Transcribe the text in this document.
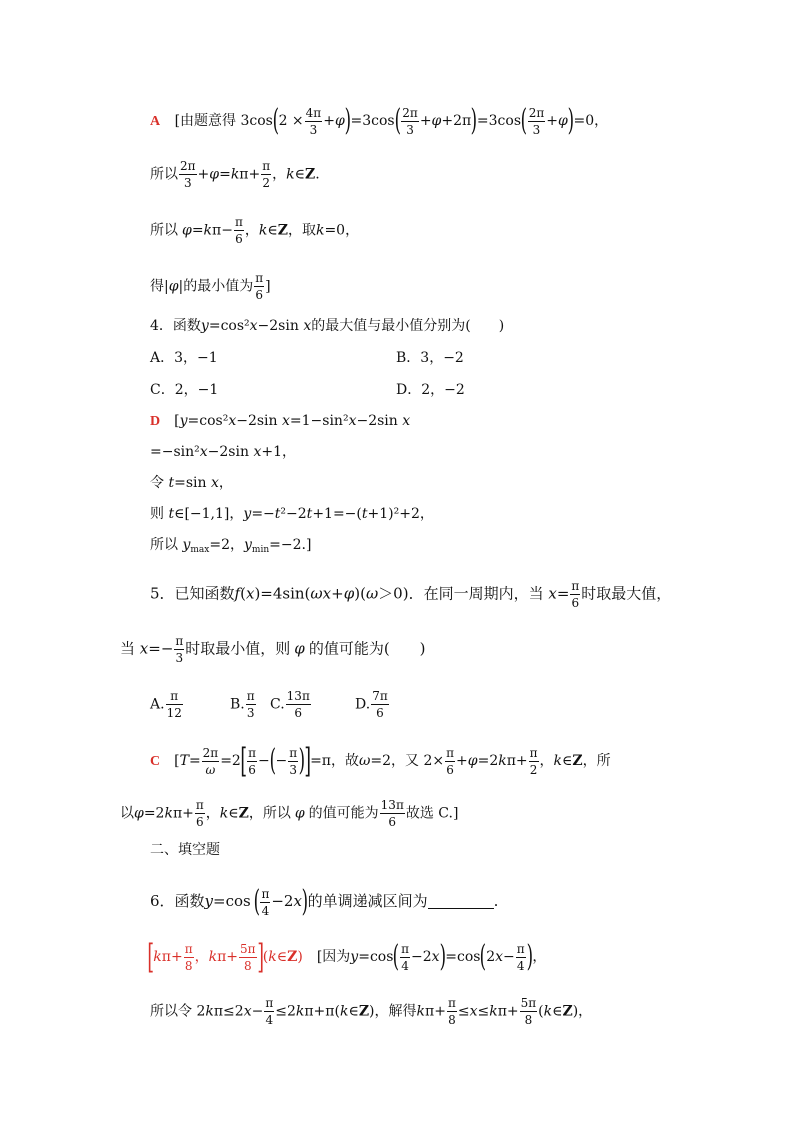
A [由题意得 $3\cos(2 \times \frac{4\pi}{3} +\varphi)=3\cos( \frac{2\pi}{3} +\varphi+2\pi)=3\cos( \frac{2\pi}{3} +\varphi)=0$，
所以 $\frac{2\pi}{3} +\varphi=k\pi+ \frac{\pi}{2}$ ，k∈Z.
所以 $\varphi=k\pi- \frac{\pi}{6}$ ，k∈Z，取k=0，
得|φ|的最小值为 $\frac{\pi}{6}$ ]
4．函数y=cos²x−2sin x的最大值与最小值分别为(　　)
A．3，−1	B．3，−2
C．2，−1	D．2，−2
D [y=cos²x−2sin x=1−sin²x−2sin x
=−sin²x−2sin x+1，
令 t=sin x，
则 t∈[−1,1]，y=−t²−2t+1=−(t+1)²+2，
所以 $y_{max}=2$，$y_{min}=-2$.]
5．已知函数f(x)=4sin(ωx+φ)(ω＞0)．在同一周期内，当 $x= \frac{\pi}{6}$ 时取最大值，
当 $x=- \frac{\pi}{3}$ 时取最小值，则 φ 的值可能为(　　)
A. $\frac{\pi}{12}$	B. $\frac{\pi}{3} C$. $\frac{13\pi}{6}$	D. $\frac{7\pi}{6}$
C [$T= \frac{2\pi}{\omega} =2[ \frac{\pi}{6}$ −(− $\frac{\pi}{3} )]=\pi$，故ω=2，又 $2\times \frac{\pi}{6} +\varphi=2k\pi+ \frac{\pi}{2}$ ，k∈Z，所
以$\varphi=2k\pi+ \frac{\pi}{6}$ ，k∈Z，所以 φ 的值可能为 $\frac{13\pi}{6}$ 故选 C.]
二、填空题
6．函数$y=\cos( \frac{\pi}{4} -2x)$的单调递减区间为	.
[$k\pi+ \frac{\pi}{8}$ ，$k\pi+ \frac{5\pi}{8}$ ](k∈Z) [因为$y=\cos( \frac{\pi}{4} -2x)=\cos(2x- \frac{\pi}{4}$ )，
所以令 $2k\pi\le 2x- \frac{\pi}{4}$ ≤2kπ+π(k∈Z)，解得$k\pi+ \frac{\pi}{8} \le x\le k\pi+ \frac{5\pi}{8}$ (k∈Z)，
